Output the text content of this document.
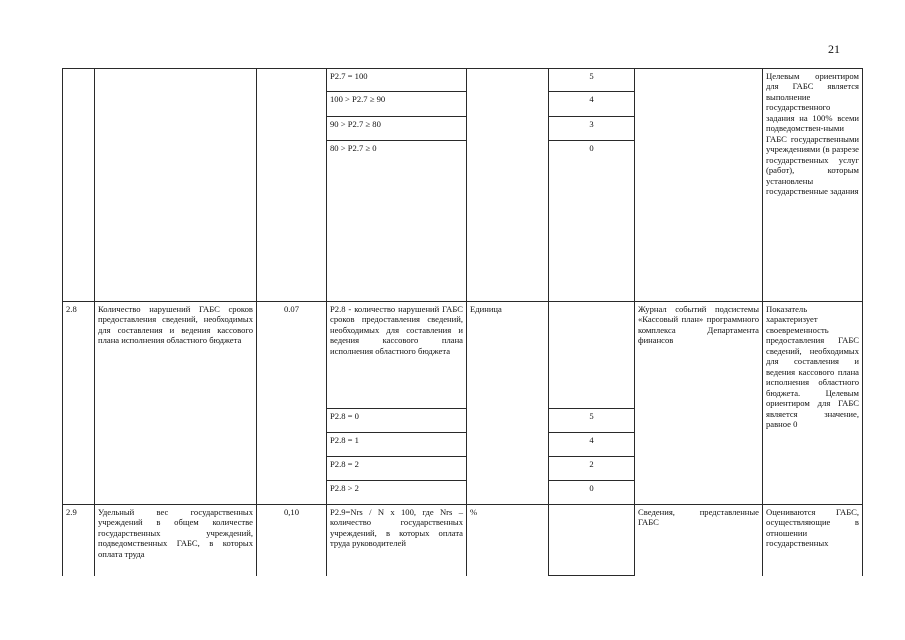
21
			Р2.7 = 100		5		Целевым ориентиром для ГАБС является выполнение государственного задания на 100% всеми подведомствен-ными ГАБС государственными учреждениями (в разрезе государственных услуг (работ), которым установлены государственные задания
			100 > Р2.7 ≥ 90		4		
			90 > Р2.7 ≥ 80		3		
			80 > Р2.7 ≥ 0		0		
2.8	Количество нарушений ГАБС сроков предоставления сведений, необходимых для составления и ведения кассового плана исполнения областного бюджета	0.07	Р2.8 - количество нарушений ГАБС сроков предоставления сведений, необходимых для составления и ведения кассового плана исполнения областного бюджета	Единица		Журнал событий подсистемы «Кассовый план» программного комплекса Департамента финансов	Показатель характеризует своевременность предоставления ГАБС сведений, необходимых для составления и ведения кассового плана исполнения областного бюджета. Целевым ориентиром для ГАБС является значение, равное 0
			Р2.8 = 0		5		
			Р2.8 = 1		4		
			Р2.8 = 2		2		
			Р2.8 > 2		0		
2.9	Удельный вес государственных учреждений в общем количестве государственных учреждений, подведомственных ГАБС, в которых оплата труда	0,10	Р2.9=Nrs / N x 100, где Nrs – количество государственных учреждений, в которых оплата труда руководителей	%		Сведения, представленные ГАБС	Оцениваются ГАБС, осуществляющие в отношении государственных
